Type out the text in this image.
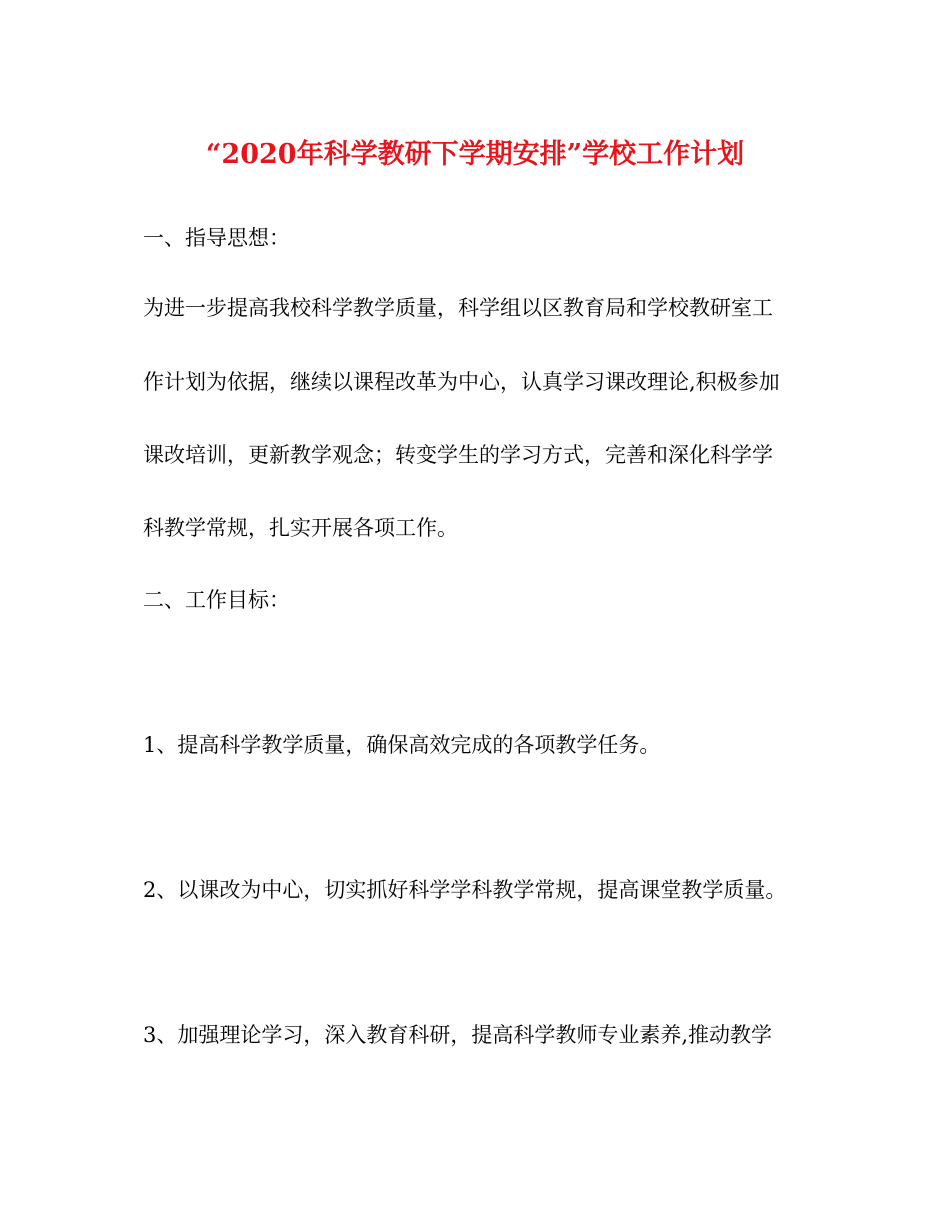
“2020年科学教研下学期安排”学校工作计划
一、指导思想：
为进一步提高我校科学教学质量，科学组以区教育局和学校教研室工
作计划为依据，继续以课程改革为中心，认真学习课改理论,积极参加
课改培训，更新教学观念；转变学生的学习方式，完善和深化科学学
科教学常规，扎实开展各项工作。
二、工作目标：
1、提高科学教学质量，确保高效完成的各项教学任务。
2、以课改为中心，切实抓好科学学科教学常规，提高课堂教学质量。
3、加强理论学习，深入教育科研，提高科学教师专业素养,推动教学
